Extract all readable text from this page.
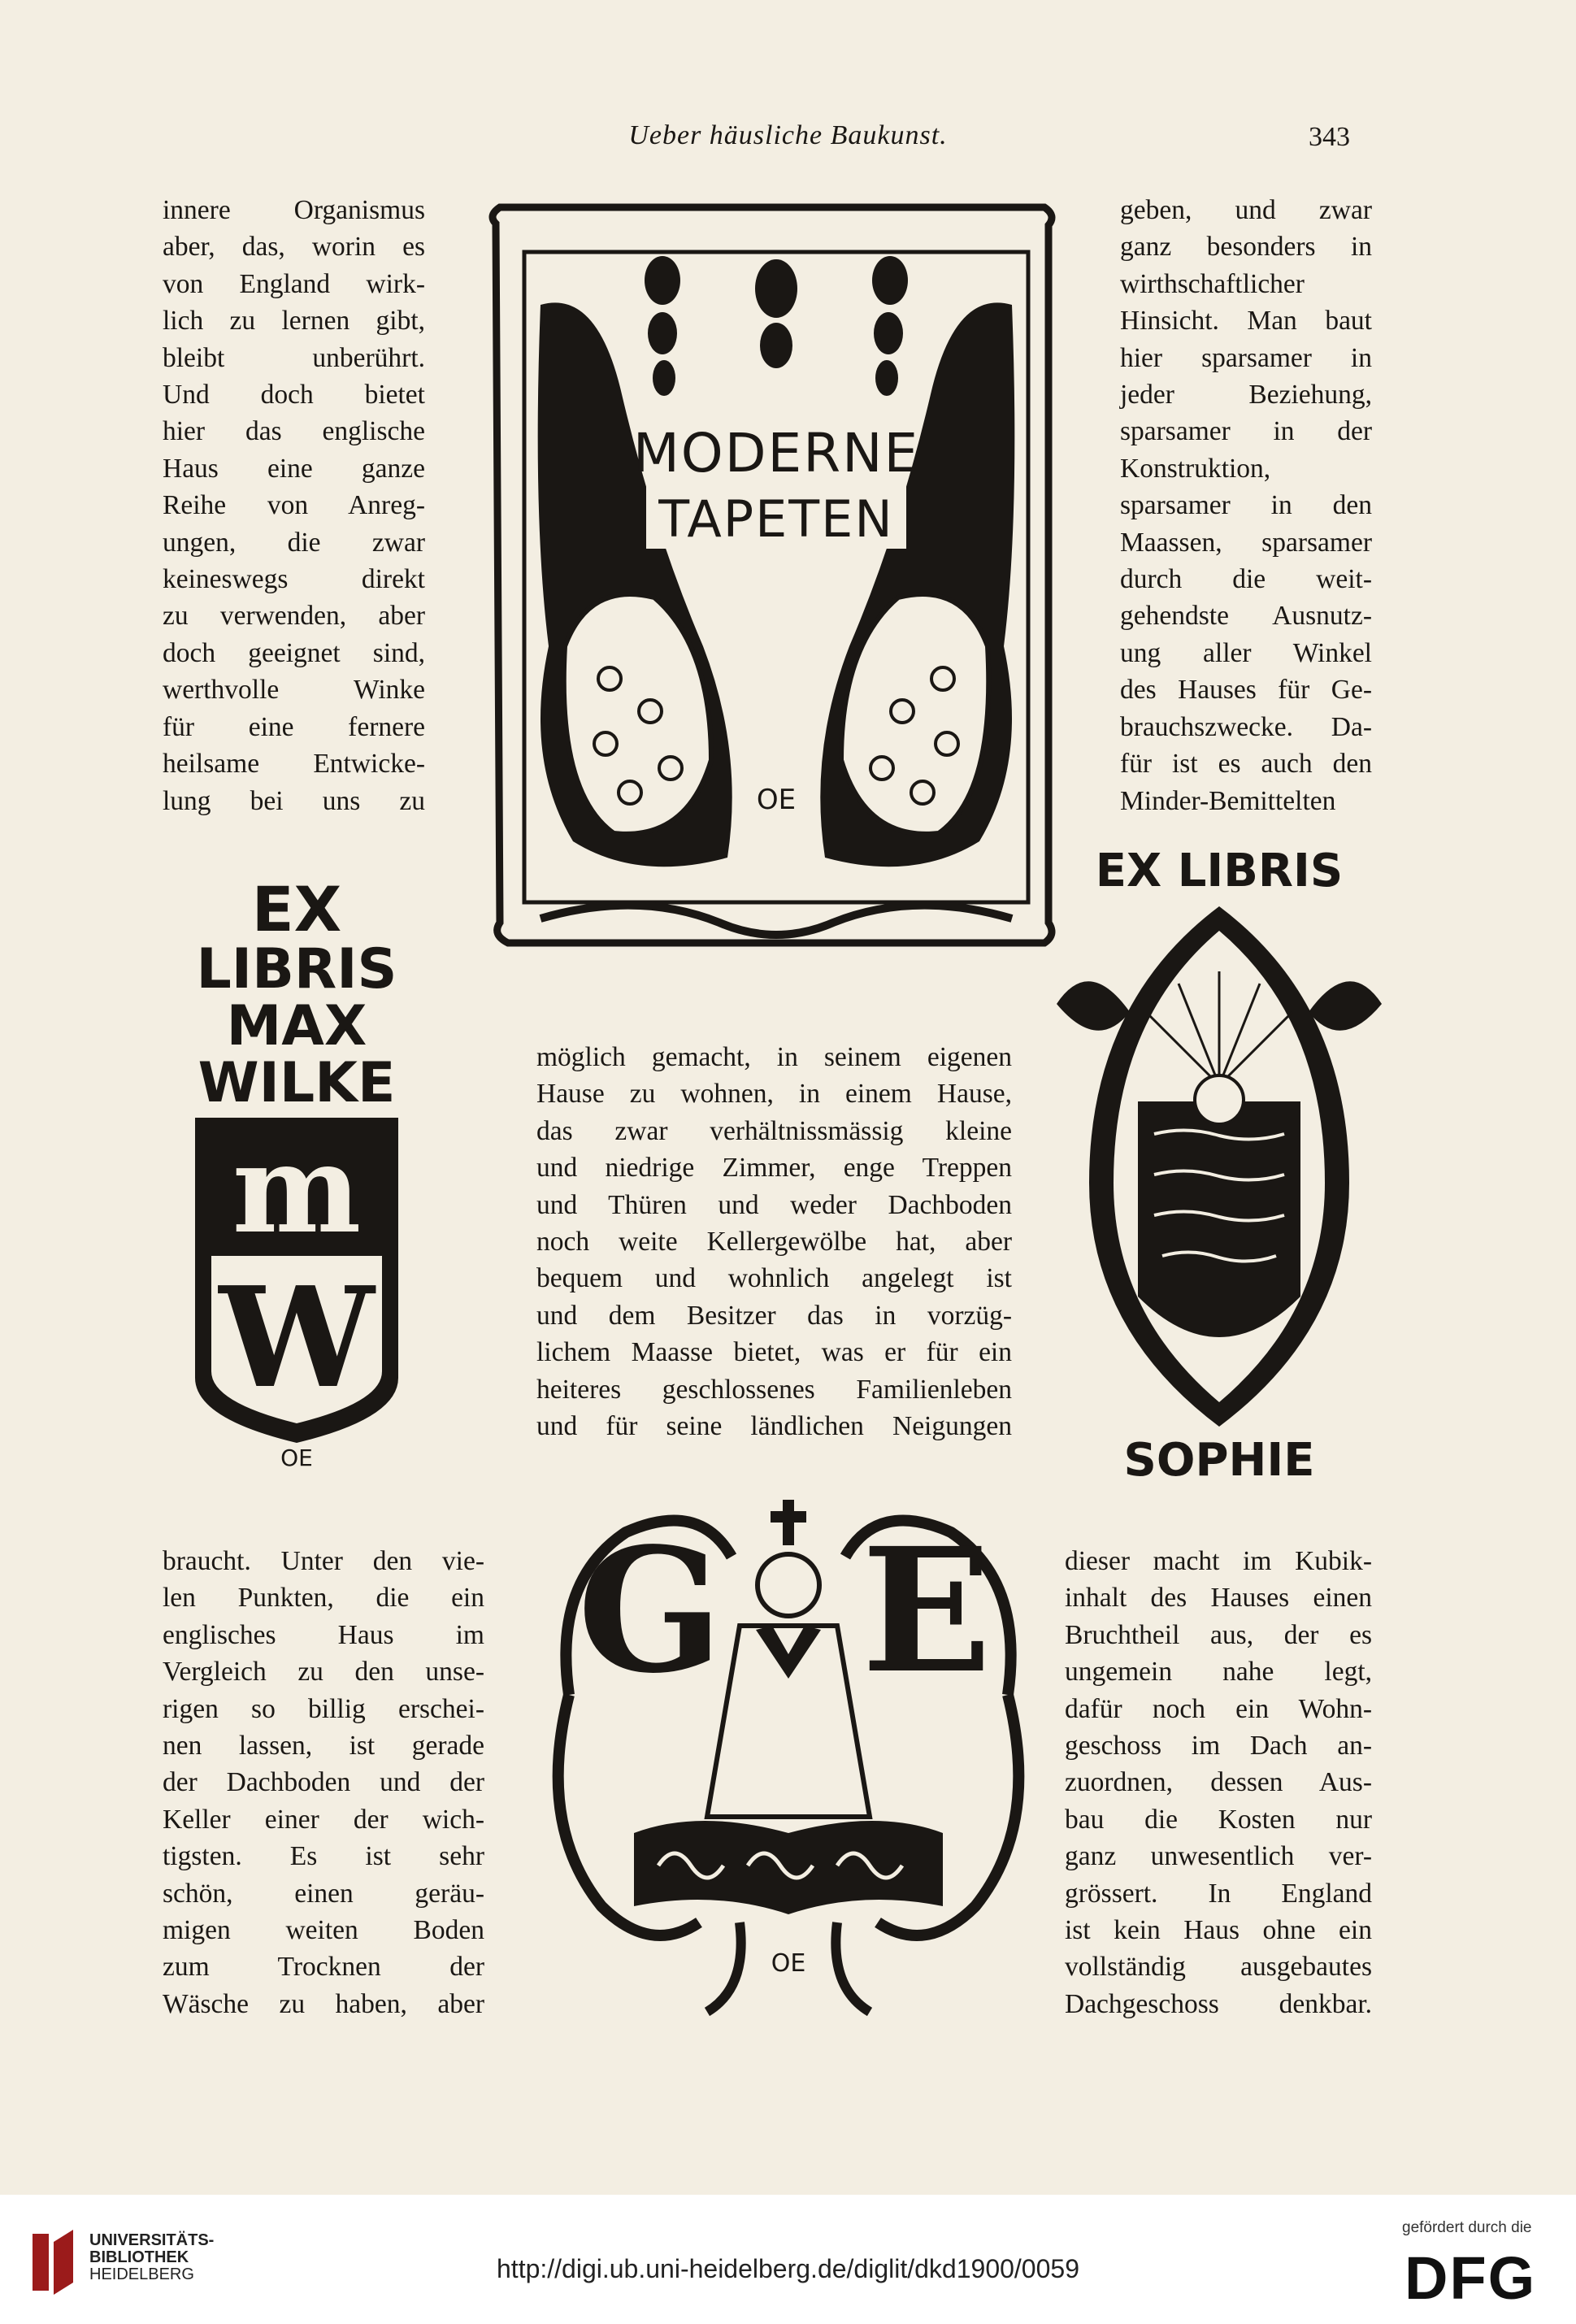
Ueber häusliche Baukunst.	343
innere Organismus
aber, das, worin es
von England wirk-
lich zu lernen gibt,
bleibt unberührt.
Und doch bietet
hier das englische
Haus eine ganze
Reihe von Anreg-
ungen, die zwar
keineswegs direkt
zu verwenden, aber
doch geeignet sind,
werthvolle Winke
für eine fernere
heilsame Entwicke-
lung bei uns zu
geben, und zwar
ganz besonders in
wirthschaftlicher
Hinsicht. Man baut
hier sparsamer in
jeder Beziehung,
sparsamer in der
Konstruktion,
sparsamer in den
Maassen, sparsamer
durch die weit-
gehendste Ausnutz-
ung aller Winkel
des Hauses für Ge-
brauchszwecke. Da-
für ist es auch den
Minder-Bemittelten
möglich gemacht, in seinem eigenen
Hause zu wohnen, in einem Hause,
das zwar verhältnissmässig kleine
und niedrige Zimmer, enge Treppen
und Thüren und weder Dachboden
noch weite Kellergewölbe hat, aber
bequem und wohnlich angelegt ist
und dem Besitzer das in vorzüg-
lichem Maasse bietet, was er für ein
heiteres geschlossenes Familienleben
und für seine ländlichen Neigungen
braucht. Unter den vie-
len Punkten, die ein
englisches Haus im
Vergleich zu den unse-
rigen so billig erschei-
nen lassen, ist gerade
der Dachboden und der
Keller einer der wich-
tigsten. Es ist sehr
schön, einen geräu-
migen weiten Boden
zum Trocknen der
Wäsche zu haben, aber
dieser macht im Kubik-
inhalt des Hauses einen
Bruchtheil aus, der es
ungemein nahe legt,
dafür noch ein Wohn-
geschoss im Dach an-
zuordnen, dessen Aus-
bau die Kosten nur
ganz unwesentlich ver-
grössert. In England
ist kein Haus ohne ein
vollständig ausgebautes
Dachgeschoss denkbar.
MODERNE
TAPETEN
OE
EX
LIBRIS
MAX
WILKE
m
W
OE
EX LIBRIS
SOPHIE
G E
OE
UNIVERSITÄTS-
BIBLIOTHEK
HEIDELBERG	http://digi.ub.uni-heidelberg.de/diglit/dkd1900/0059
gefördert durch die
DFG
